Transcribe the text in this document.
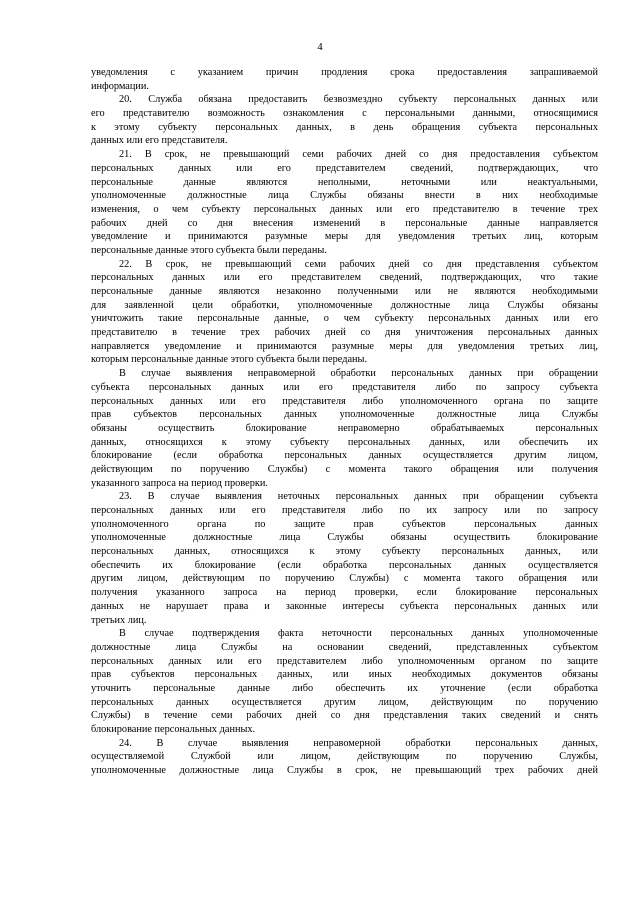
4

уведомления с указанием причин продления срока предоставления запрашиваемой
информации.

20. Служба обязана предоставить безвозмездно субъекту персональных данных или
его представителю возможность ознакомления с персональными данными, относящимися
к этому субъекту персональных данных, в день обращения субъекта персональных
данных или его представителя.

21. В срок, не превышающий семи рабочих дней со дня предоставления субъектом
персональных данных или его представителем сведений, подтверждающих, что
персональные данные являются неполными, неточными или неактуальными,
уполномоченные должностные лица Службы обязаны внести в них необходимые
изменения, о чем субъекту персональных данных или его представителю в течение трех
рабочих дней со дня внесения изменений в персональные данные направляется
уведомление и принимаются разумные меры для уведомления третьих лиц, которым
персональные данные этого субъекта были переданы.

22. В срок, не превышающий семи рабочих дней со дня представления субъектом
персональных данных или его представителем сведений, подтверждающих, что такие
персональные данные являются незаконно полученными или не являются необходимыми
для заявленной цели обработки, уполномоченные должностные лица Службы обязаны
уничтожить такие персональные данные, о чем субъекту персональных данных или его
представителю в течение трех рабочих дней со дня уничтожения персональных данных
направляется уведомление и принимаются разумные меры для уведомления третьих лиц,
которым персональные данные этого субъекта были переданы.

В случае выявления неправомерной обработки персональных данных при обращении
субъекта персональных данных или его представителя либо по запросу субъекта
персональных данных или его представителя либо уполномоченного органа по защите
прав субъектов персональных данных уполномоченные должностные лица Службы
обязаны осуществить блокирование неправомерно обрабатываемых персональных
данных, относящихся к этому субъекту персональных данных, или обеспечить их
блокирование (если обработка персональных данных осуществляется другим лицом,
действующим по поручению Службы) с момента такого обращения или получения
указанного запроса на период проверки.

23. В случае выявления неточных персональных данных при обращении субъекта
персональных данных или его представителя либо по их запросу или по запросу
уполномоченного органа по защите прав субъектов персональных данных
уполномоченные должностные лица Службы обязаны осуществить блокирование
персональных данных, относящихся к этому субъекту персональных данных, или
обеспечить их блокирование (если обработка персональных данных осуществляется
другим лицом, действующим по поручению Службы) с момента такого обращения или
получения указанного запроса на период проверки, если блокирование персональных
данных не нарушает права и законные интересы субъекта персональных данных или
третьих лиц.

В случае подтверждения факта неточности персональных данных уполномоченные
должностные лица Службы на основании сведений, представленных субъектом
персональных данных или его представителем либо уполномоченным органом по защите
прав субъектов персональных данных, или иных необходимых документов обязаны
уточнить персональные данные либо обеспечить их уточнение (если обработка
персональных данных осуществляется другим лицом, действующим по поручению
Службы) в течение семи рабочих дней со дня представления таких сведений и снять
блокирование персональных данных.

24. В случае выявления неправомерной обработки персональных данных,
осуществляемой Службой или лицом, действующим по поручению Службы,
уполномоченные должностные лица Службы в срок, не превышающий трех рабочих дней
